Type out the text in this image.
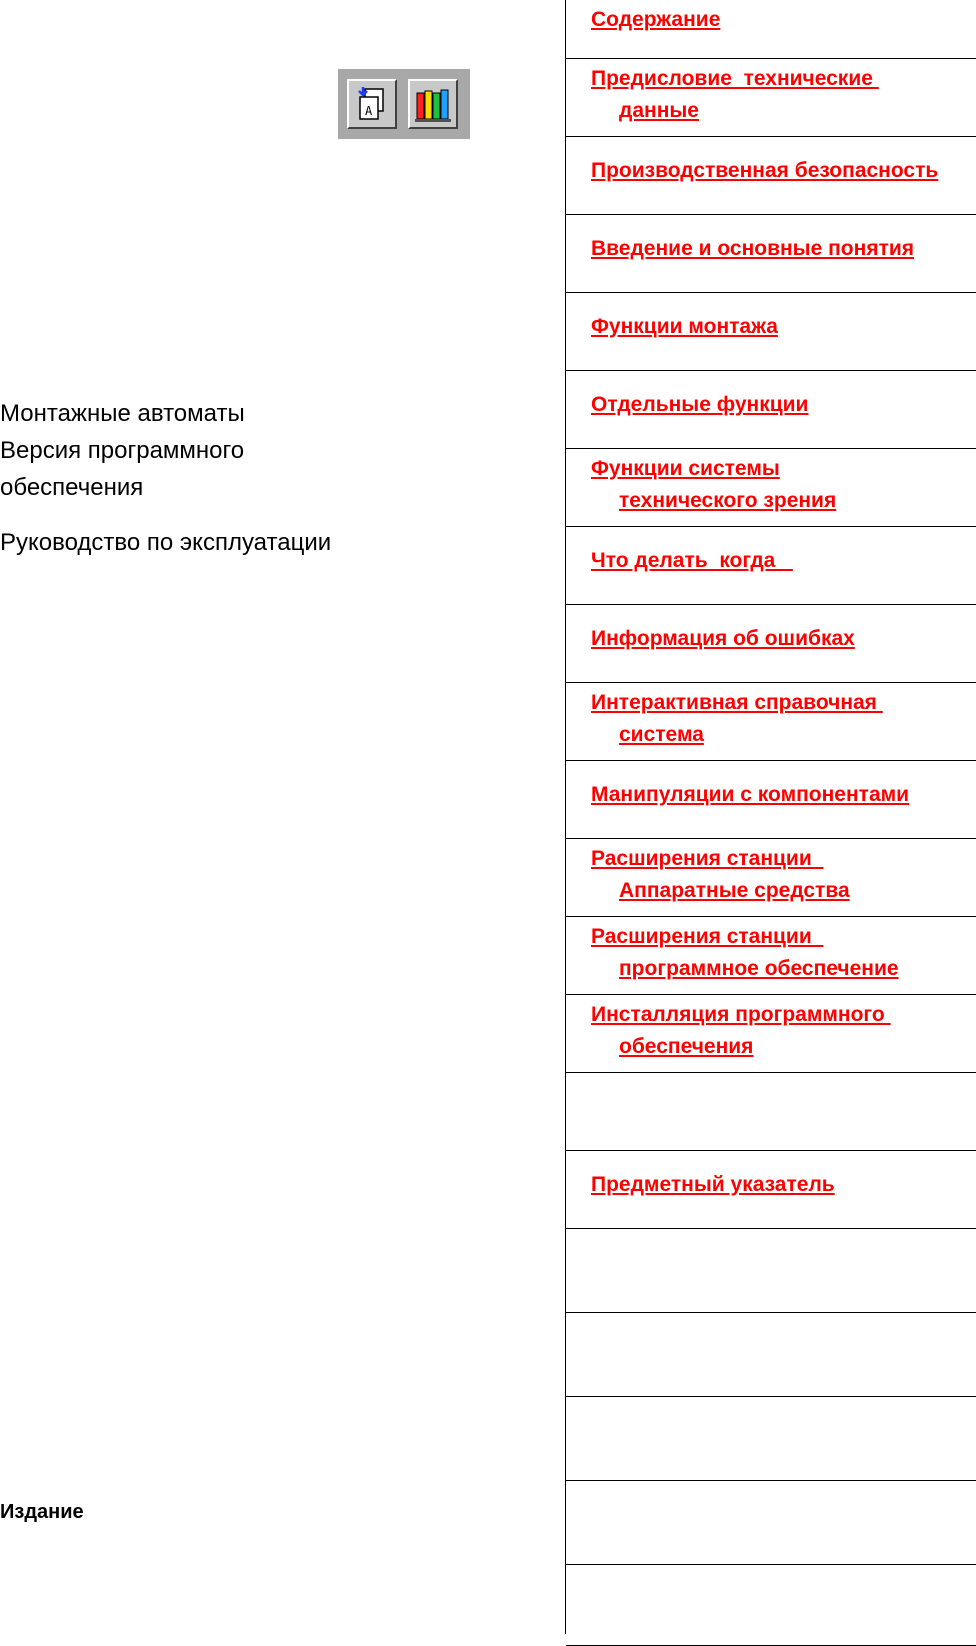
A
Монтажные автоматы
Версия программного
обеспечения
Руководство по эксплуатации
Издание
Содержание
Предисловие  технические
данные
Производственная безопасность
Введение и основные понятия
Функции монтажа
Отдельные функции
Функции системы
технического зрения
Что делать  когда
Информация об ошибках
Интерактивная справочная
система
Манипуляции с компонентами
Расширения станции
Аппаратные средства
Расширения станции
программное обеспечение
Инсталляция программного
обеспечения
Предметный указатель
